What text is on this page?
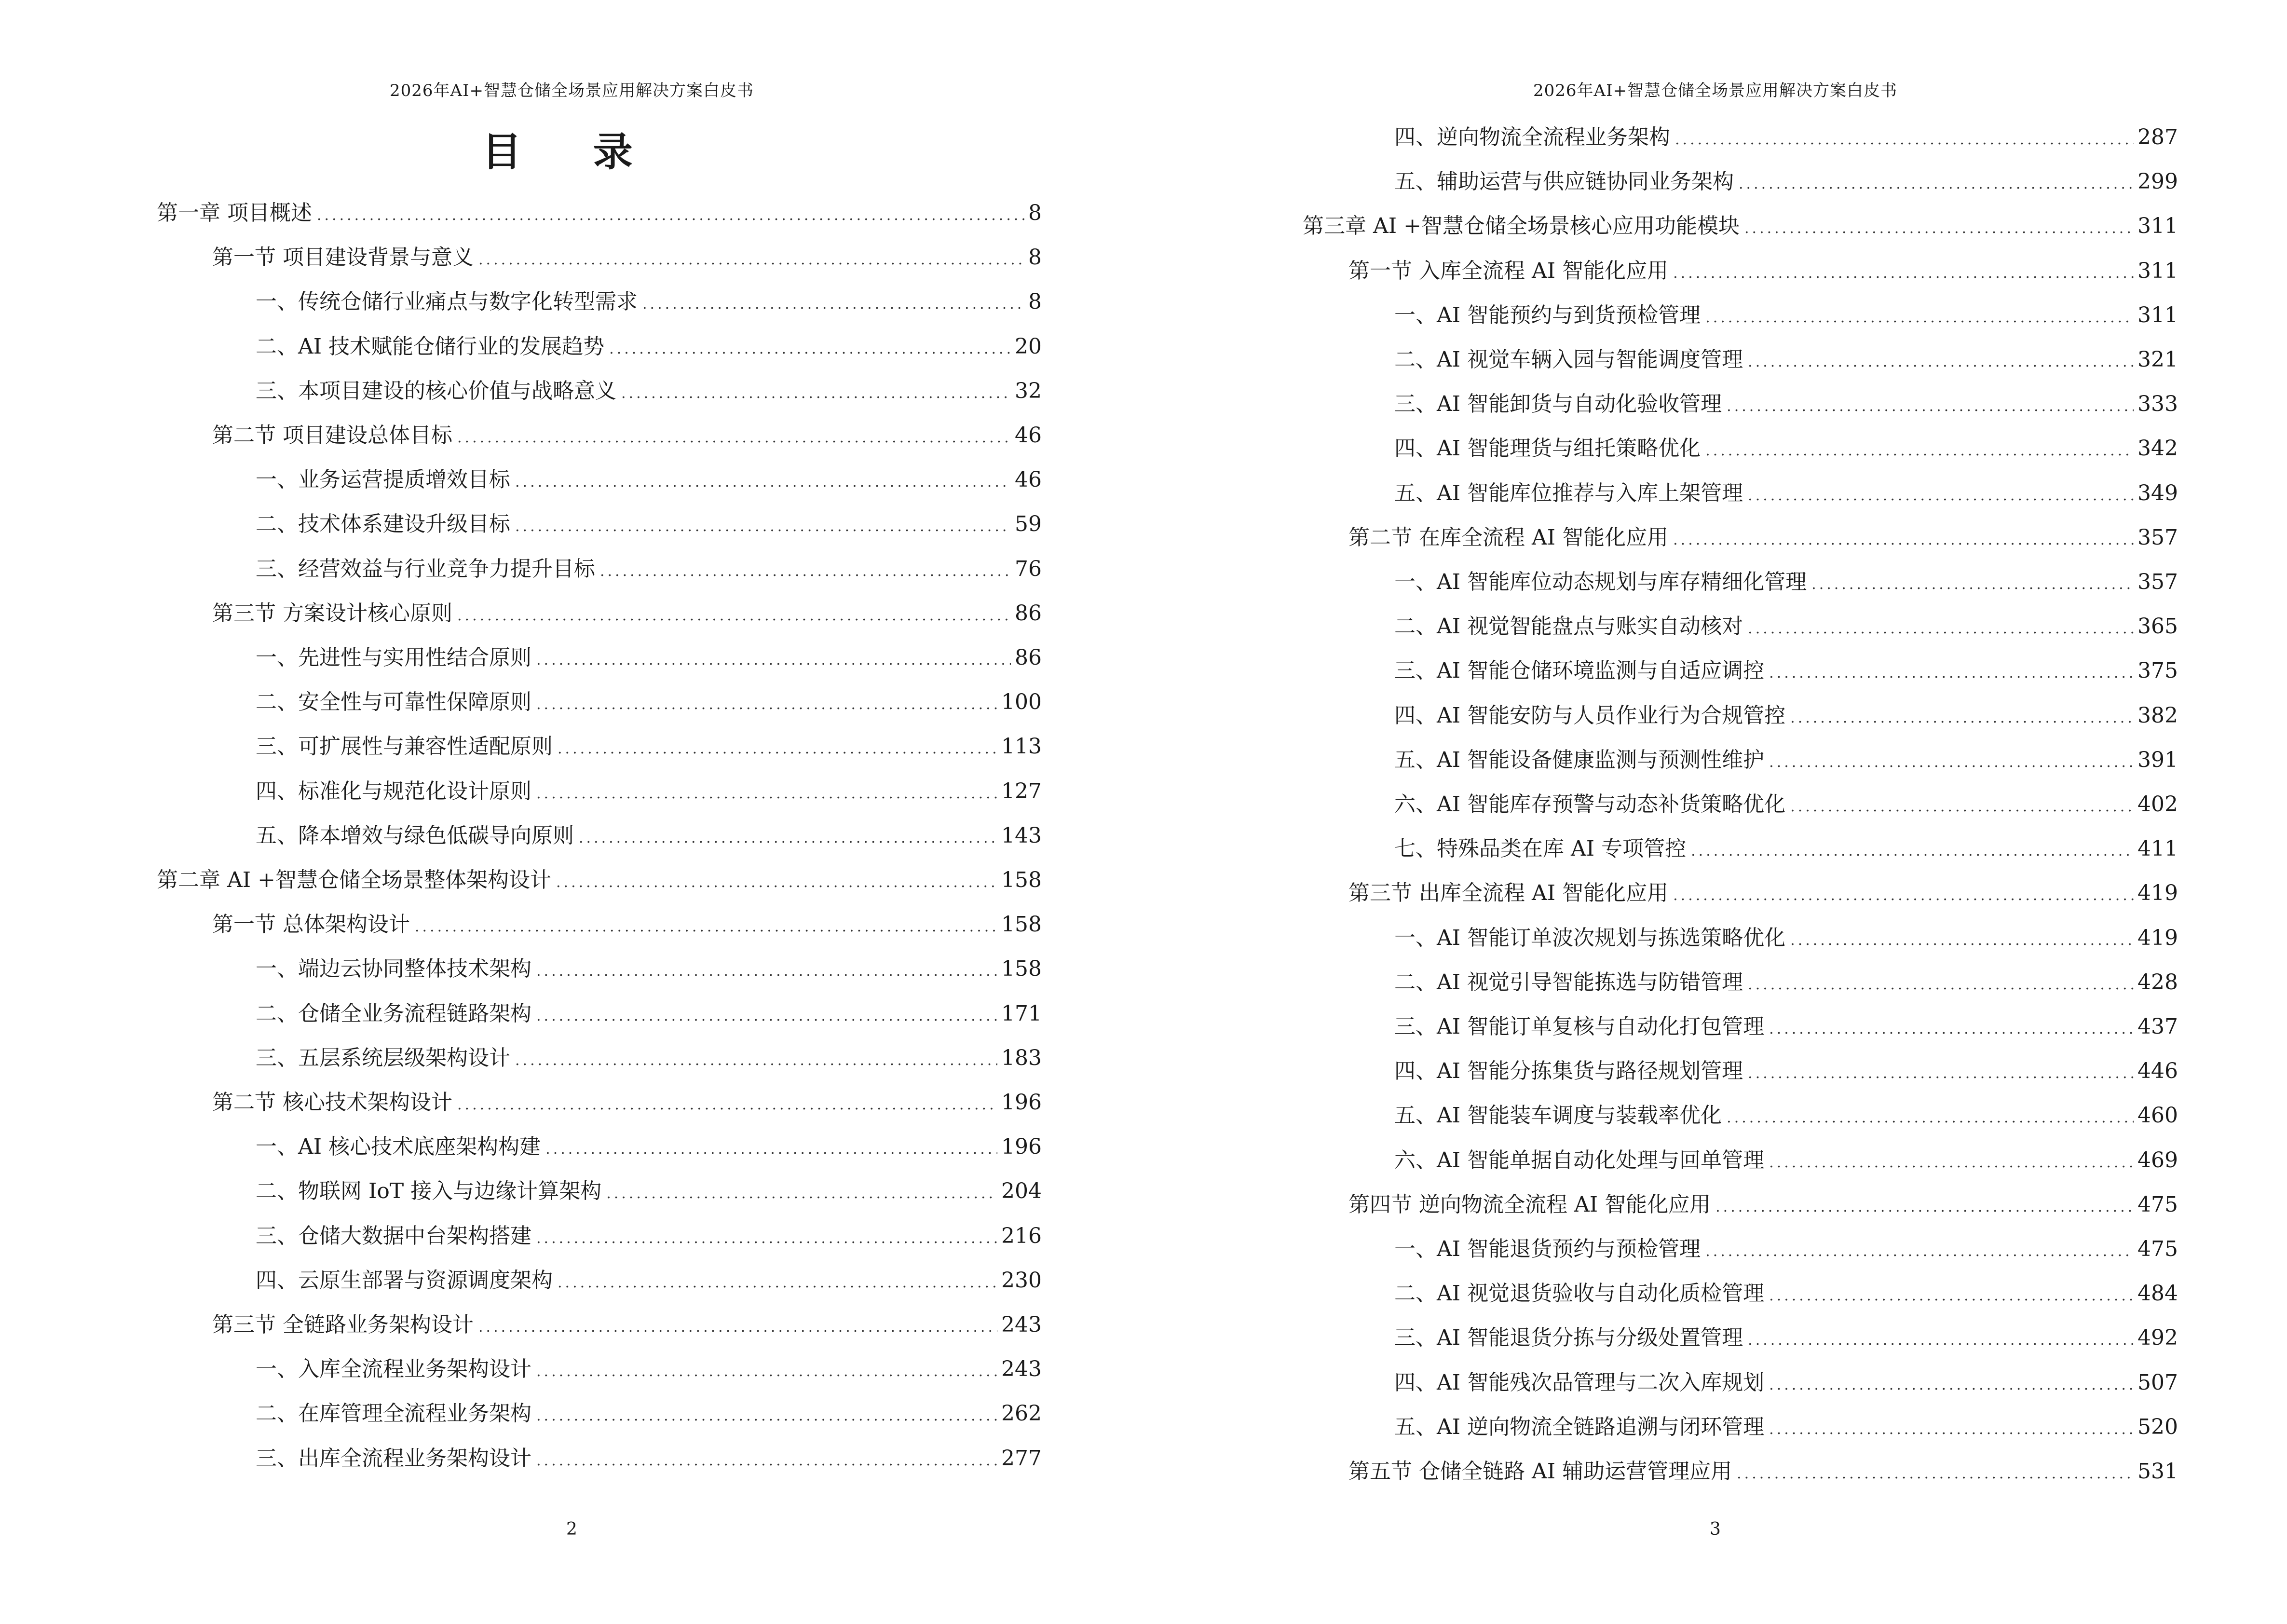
2026年AI+智慧仓储全场景应用解决方案白皮书
目 录
第一章 项目概述 .....	8
第一节 项目建设背景与意义 .....	8
一、传统仓储行业痛点与数字化转型需求 .....	8
二、AI 技术赋能仓储行业的发展趋势 .....	20
三、本项目建设的核心价值与战略意义 .....	32
第二节 项目建设总体目标 .....	46
一、业务运营提质增效目标 .....	46
二、技术体系建设升级目标 .....	59
三、经营效益与行业竞争力提升目标 .....	76
第三节 方案设计核心原则 .....	86
一、先进性与实用性结合原则 .....	86
二、安全性与可靠性保障原则 .....	100
三、可扩展性与兼容性适配原则 .....	113
四、标准化与规范化设计原则 .....	127
五、降本增效与绿色低碳导向原则 .....	143
第二章 AI +智慧仓储全场景整体架构设计 .....	158
第一节 总体架构设计 .....	158
一、端边云协同整体技术架构 .....	158
二、仓储全业务流程链路架构 .....	171
三、五层系统层级架构设计 .....	183
第二节 核心技术架构设计 .....	196
一、AI 核心技术底座架构构建 .....	196
二、物联网 IoT 接入与边缘计算架构 .....	204
三、仓储大数据中台架构搭建 .....	216
四、云原生部署与资源调度架构 .....	230
第三节 全链路业务架构设计 .....	243
一、入库全流程业务架构设计 .....	243
二、在库管理全流程业务架构 .....	262
三、出库全流程业务架构设计 .....	277
2
2026年AI+智慧仓储全场景应用解决方案白皮书
四、逆向物流全流程业务架构 .....	287
五、辅助运营与供应链协同业务架构 .....	299
第三章 AI +智慧仓储全场景核心应用功能模块 .....	311
第一节 入库全流程 AI 智能化应用 .....	311
一、AI 智能预约与到货预检管理 .....	311
二、AI 视觉车辆入园与智能调度管理 .....	321
三、AI 智能卸货与自动化验收管理 .....	333
四、AI 智能理货与组托策略优化 .....	342
五、AI 智能库位推荐与入库上架管理 .....	349
第二节 在库全流程 AI 智能化应用 .....	357
一、AI 智能库位动态规划与库存精细化管理 .....	357
二、AI 视觉智能盘点与账实自动核对 .....	365
三、AI 智能仓储环境监测与自适应调控 .....	375
四、AI 智能安防与人员作业行为合规管控 .....	382
五、AI 智能设备健康监测与预测性维护 .....	391
六、AI 智能库存预警与动态补货策略优化 .....	402
七、特殊品类在库 AI 专项管控 .....	411
第三节 出库全流程 AI 智能化应用 .....	419
一、AI 智能订单波次规划与拣选策略优化 .....	419
二、AI 视觉引导智能拣选与防错管理 .....	428
三、AI 智能订单复核与自动化打包管理 .....	437
四、AI 智能分拣集货与路径规划管理 .....	446
五、AI 智能装车调度与装载率优化 .....	460
六、AI 智能单据自动化处理与回单管理 .....	469
第四节 逆向物流全流程 AI 智能化应用 .....	475
一、AI 智能退货预约与预检管理 .....	475
二、AI 视觉退货验收与自动化质检管理 .....	484
三、AI 智能退货分拣与分级处置管理 .....	492
四、AI 智能残次品管理与二次入库规划 .....	507
五、AI 逆向物流全链路追溯与闭环管理 .....	520
第五节 仓储全链路 AI 辅助运营管理应用 .....	531
3
